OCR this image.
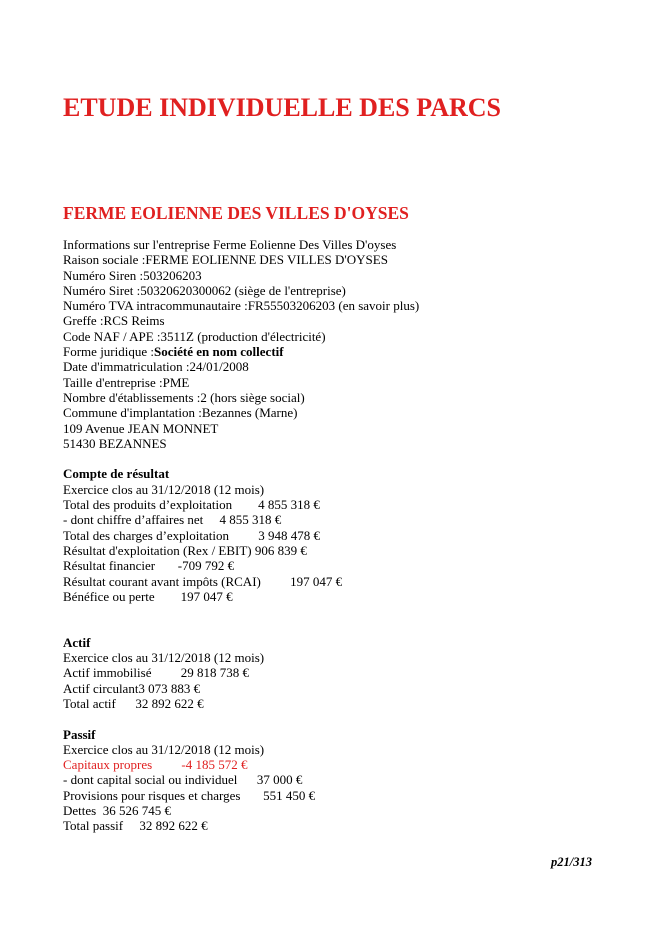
ETUDE INDIVIDUELLE DES PARCS
FERME EOLIENNE DES VILLES D'OYSES
Informations sur l'entreprise Ferme Eolienne Des Villes D'oyses
Raison sociale :FERME EOLIENNE DES VILLES D'OYSES
Numéro Siren :503206203
Numéro Siret :50320620300062 (siège de l'entreprise)
Numéro TVA intracommunautaire :FR55503206203 (en savoir plus)
Greffe :RCS Reims
Code NAF / APE :3511Z (production d'électricité)
Forme juridique :Société en nom collectif
Date d'immatriculation :24/01/2008
Taille d'entreprise :PME
Nombre d'établissements :2 (hors siège social)
Commune d'implantation :Bezannes (Marne)
109 Avenue JEAN MONNET
51430 BEZANNES
Compte de résultat
Exercice clos au 31/12/2018 (12 mois)
Total des produits d’exploitation        4 855 318 €
- dont chiffre d’affaires net     4 855 318 €
Total des charges d’exploitation         3 948 478 €
Résultat d'exploitation (Rex / EBIT) 906 839 €
Résultat financier       -709 792 €
Résultat courant avant impôts (RCAI)         197 047 €
Bénéfice ou perte        197 047 €
Actif
Exercice clos au 31/12/2018 (12 mois)
Actif immobilisé         29 818 738 €
Actif circulant3 073 883 €
Total actif      32 892 622 €
Passif
Exercice clos au 31/12/2018 (12 mois)
Capitaux propres         -4 185 572 €
- dont capital social ou individuel      37 000 €
Provisions pour risques et charges       551 450 €
Dettes  36 526 745 €
Total passif     32 892 622 €
p21/313
